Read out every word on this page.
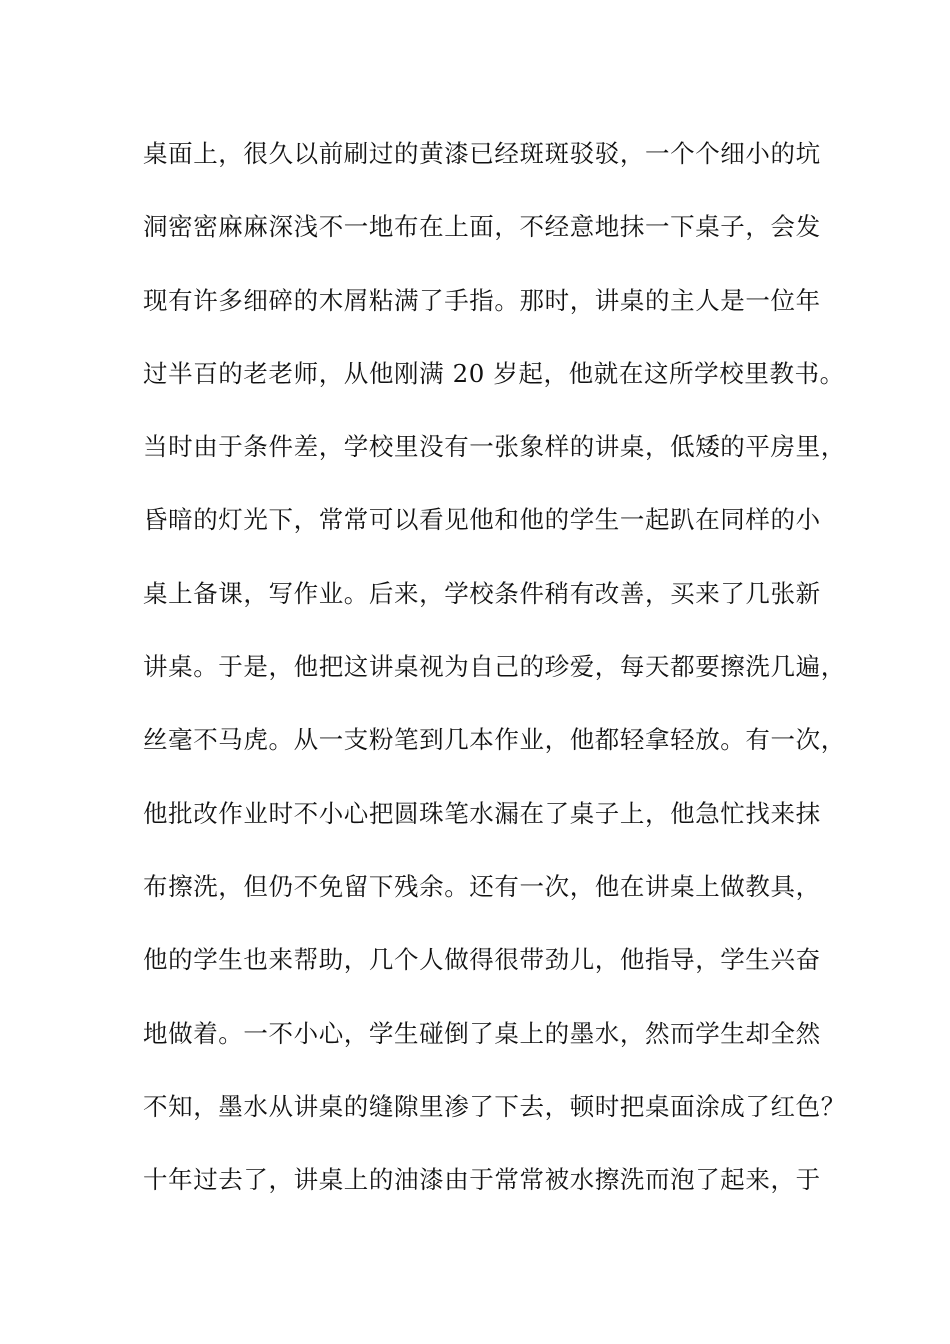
桌面上，很久以前刷过的黄漆已经斑斑驳驳，一个个细小的坑
洞密密麻麻深浅不一地布在上面，不经意地抹一下桌子，会发
现有许多细碎的木屑粘满了手指。那时，讲桌的主人是一位年
过半百的老老师，从他刚满 20 岁起，他就在这所学校里教书。
当时由于条件差，学校里没有一张象样的讲桌，低矮的平房里，
昏暗的灯光下，常常可以看见他和他的学生一起趴在同样的小
桌上备课，写作业。后来，学校条件稍有改善，买来了几张新
讲桌。于是，他把这讲桌视为自己的珍爱，每天都要擦洗几遍，
丝毫不马虎。从一支粉笔到几本作业，他都轻拿轻放。有一次，
他批改作业时不小心把圆珠笔水漏在了桌子上，他急忙找来抹
布擦洗，但仍不免留下残余。还有一次，他在讲桌上做教具，
他的学生也来帮助，几个人做得很带劲儿，他指导，学生兴奋
地做着。一不小心，学生碰倒了桌上的墨水，然而学生却全然
不知，墨水从讲桌的缝隙里渗了下去，顿时把桌面涂成了红色？
十年过去了，讲桌上的油漆由于常常被水擦洗而泡了起来，于
